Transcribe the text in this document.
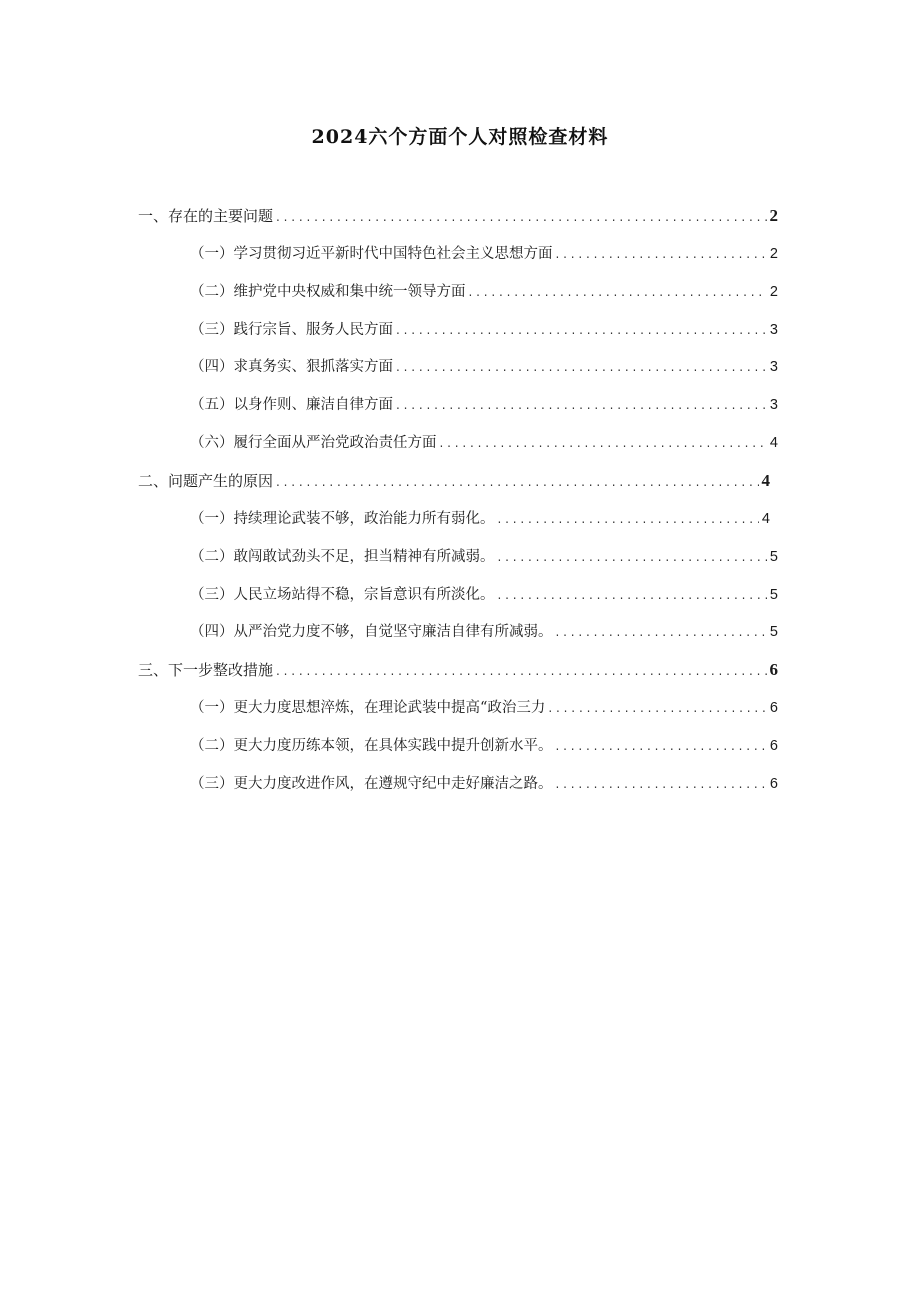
2024六个方面个人对照检查材料
一、存在的主要问题 . . .	2
（一）学习贯彻习近平新时代中国特色社会主义思想方面 . . .	2
（二）维护党中央权威和集中统一领导方面 . . .	2
（三）践行宗旨、服务人民方面 . . .	3
（四）求真务实、狠抓落实方面 . . .	3
（五）以身作则、廉洁自律方面 . . .	3
（六）履行全面从严治党政治责任方面 . . .	4
二、问题产生的原因 . . .	4
（一）持续理论武装不够，政治能力所有弱化。 . . .	4
（二）敢闯敢试劲头不足，担当精神有所减弱。 . . .	5
（三）人民立场站得不稳，宗旨意识有所淡化。 . . .	5
（四）从严治党力度不够，自觉坚守廉洁自律有所减弱。 . . .	5
三、下一步整改措施 . . .	6
（一）更大力度思想淬炼，在理论武装中提高“政治三力 . . .	6
（二）更大力度历练本领，在具体实践中提升创新水平。 . . .	6
（三）更大力度改进作风，在遵规守纪中走好廉洁之路。 . . .	6
